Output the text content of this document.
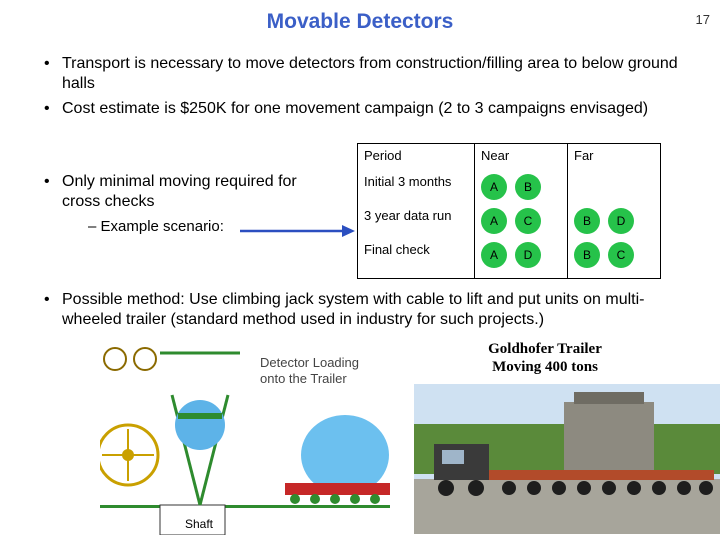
Movable Detectors	17
• Transport is necessary to move detectors from construction/filling area to below ground halls
• Cost estimate is $250K for one movement campaign (2 to 3 campaigns envisaged)
• Only minimal moving required for cross checks
– Example scenario:
Period	Near	Far
Initial 3 months	A B	
3 year data run	A C	B D
Final check	A D	B C
• Possible method: Use climbing jack system with cable to lift and put units on multi-wheeled trailer (standard method used in industry for such projects.)
Shaft
Detector Loading
onto the Trailer
Goldhofer Trailer
Moving 400 tons
